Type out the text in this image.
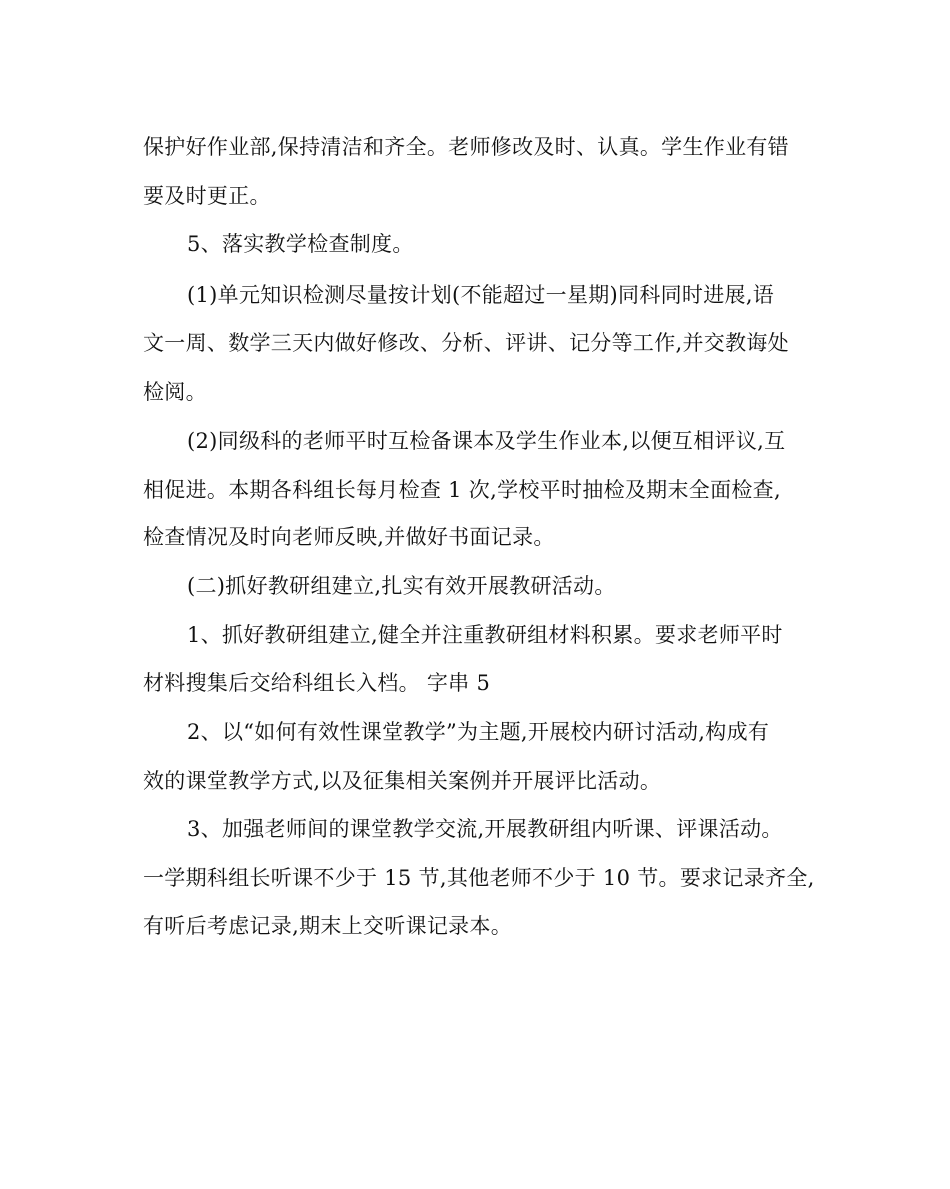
保护好作业部,保持清洁和齐全。老师修改及时、认真。学生作业有错

要及时更正。

5、落实教学检查制度。

(1)单元知识检测尽量按计划(不能超过一星期)同科同时进展,语

文一周、数学三天内做好修改、分析、评讲、记分等工作,并交教诲处

检阅。

(2)同级科的老师平时互检备课本及学生作业本,以便互相评议,互

相促进。本期各科组长每月检查 1 次,学校平时抽检及期末全面检查,

检查情况及时向老师反映,并做好书面记录。

(二)抓好教研组建立,扎实有效开展教研活动。

1、抓好教研组建立,健全并注重教研组材料积累。要求老师平时

材料搜集后交给科组长入档。 字串 5

2、以“如何有效性课堂教学”为主题,开展校内研讨活动,构成有

效的课堂教学方式,以及征集相关案例并开展评比活动。

3、加强老师间的课堂教学交流,开展教研组内听课、评课活动。

一学期科组长听课不少于 15 节,其他老师不少于 10 节。要求记录齐全,

有听后考虑记录,期末上交听课记录本。
